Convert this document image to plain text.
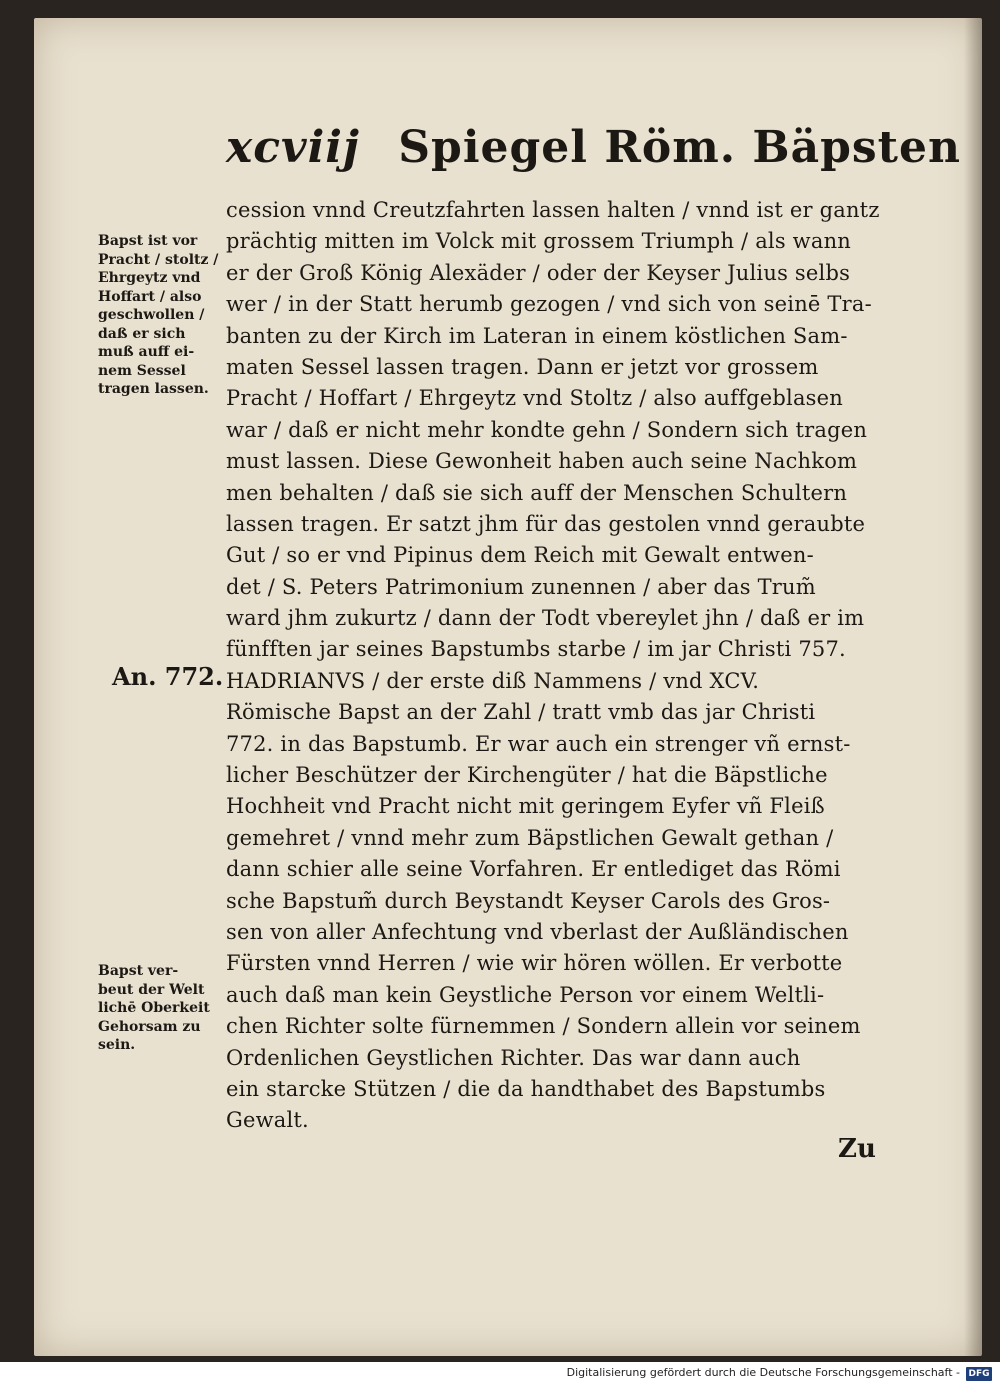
xcviij Spiegel Röm. Bäpsten
cession vnnd Creutzfahrten lassen halten / vnnd ist er gantz
prächtig mitten im Volck mit grossem Triumph / als wann
er der Groß König Alexäder / oder der Keyser Julius selbs
wer / in der Statt herumb gezogen / vnd sich von seinē Tra-
banten zu der Kirch im Lateran in einem köstlichen Sam-
maten Sessel lassen tragen. Dann er jetzt vor grossem
Pracht / Hoffart / Ehrgeytz vnd Stoltz / also auffgeblasen
war / daß er nicht mehr kondte gehn / Sondern sich tragen
must lassen. Diese Gewonheit haben auch seine Nachkom
men behalten / daß sie sich auff der Menschen Schultern
lassen tragen. Er satzt jhm für das gestolen vnnd geraubte
Gut / so er vnd Pipinus dem Reich mit Gewalt entwen-
det / S. Peters Patrimonium zunennen / aber das Trum̃
ward jhm zukurtz / dann der Todt vbereylet jhn / daß er im
fünfften jar seines Bapstumbs starbe / im jar Christi 757.
HADRIANVS / der erste diß Nammens / vnd XCV.
Römische Bapst an der Zahl / tratt vmb das jar Christi
772. in das Bapstumb. Er war auch ein strenger vñ ernst-
licher Beschützer der Kirchengüter / hat die Bäpstliche
Hochheit vnd Pracht nicht mit geringem Eyfer vñ Fleiß
gemehret / vnnd mehr zum Bäpstlichen Gewalt gethan /
dann schier alle seine Vorfahren. Er entlediget das Römi
sche Bapstum̃ durch Beystandt Keyser Carols des Gros-
sen von aller Anfechtung vnd vberlast der Außländischen
Fürsten vnnd Herren / wie wir hören wöllen. Er verbotte
auch daß man kein Geystliche Person vor einem Weltli-
chen Richter solte fürnemmen / Sondern allein vor seinem
Ordenlichen Geystlichen Richter. Das war dann auch
ein starcke Stützen / die da handthabet des Bapstumbs
Gewalt.
Bapst ist vor
Pracht / stoltz /
Ehrgeytz vnd
Hoffart / also
geschwollen /
daß er sich
muß auff ei-
nem Sessel
tragen lassen.
An. 772.
Bapst ver-
beut der Welt
lichē Oberkeit
Gehorsam zu
sein.
Zu
Digitalisierung gefördert durch die Deutsche Forschungsgemeinschaft - DFG
